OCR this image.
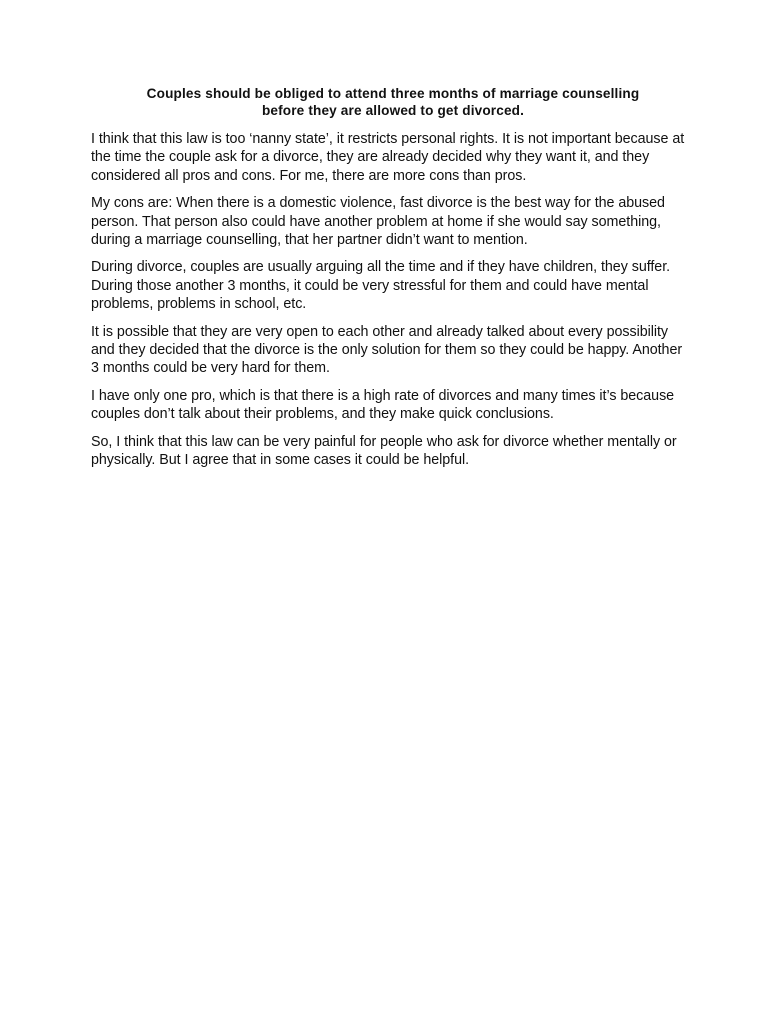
Couples should be obliged to attend three months of marriage counselling
before they are allowed to get divorced.

I think that this law is too ‘nanny state’, it restricts personal rights. It is not important because at the time the couple ask for a divorce, they are already decided why they want it, and they considered all pros and cons. For me, there are more cons than pros.

My cons are: When there is a domestic violence, fast divorce is the best way for the abused person. That person also could have another problem at home if she would say something, during a marriage counselling, that her partner didn’t want to mention.

During divorce, couples are usually arguing all the time and if they have children, they suffer. During those another 3 months, it could be very stressful for them and could have mental problems, problems in school, etc.

It is possible that they are very open to each other and already talked about every possibility and they decided that the divorce is the only solution for them so they could be happy. Another 3 months could be very hard for them.

I have only one pro, which is that there is a high rate of divorces and many times it’s because couples don’t talk about their problems, and they make quick conclusions.

So, I think that this law can be very painful for people who ask for divorce whether mentally or physically. But I agree that in some cases it could be helpful.
